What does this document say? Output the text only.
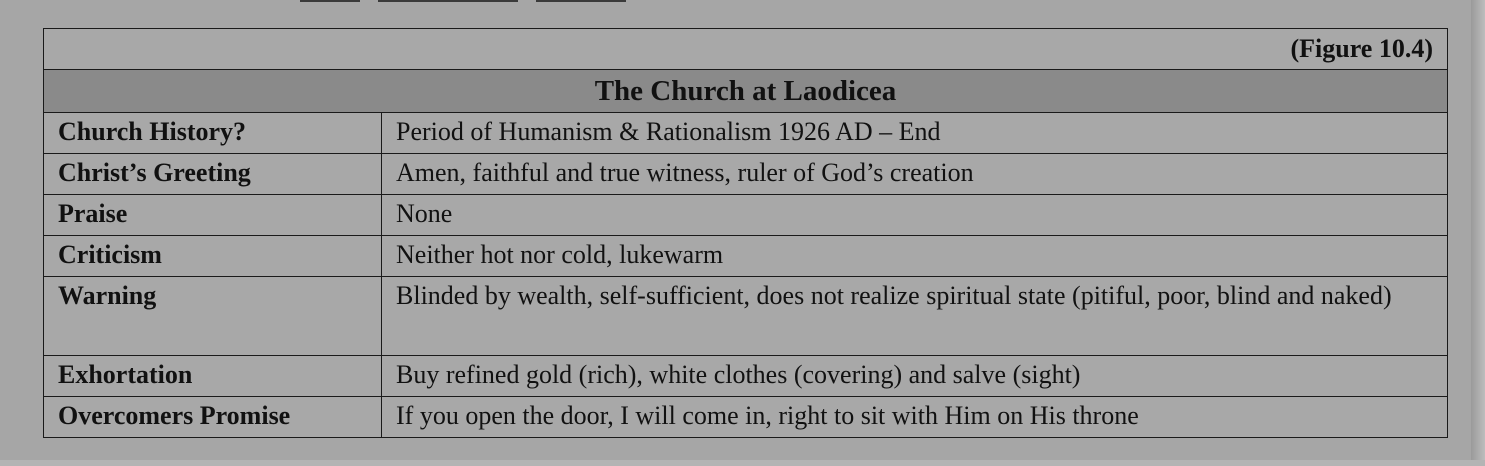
(Figure 10.4)	
The Church at Laodicea	
Church History?	Period of Humanism & Rationalism 1926 AD – End
Christ’s Greeting	Amen, faithful and true witness, ruler of God’s creation
Praise	None
Criticism	Neither hot nor cold, lukewarm
Warning	Blinded by wealth, self-sufficient, does not realize spiritual state (pitiful, poor, blind and naked)
Exhortation	Buy refined gold (rich), white clothes (covering) and salve (sight)
Overcomers Promise	If you open the door, I will come in, right to sit with Him on His throne
